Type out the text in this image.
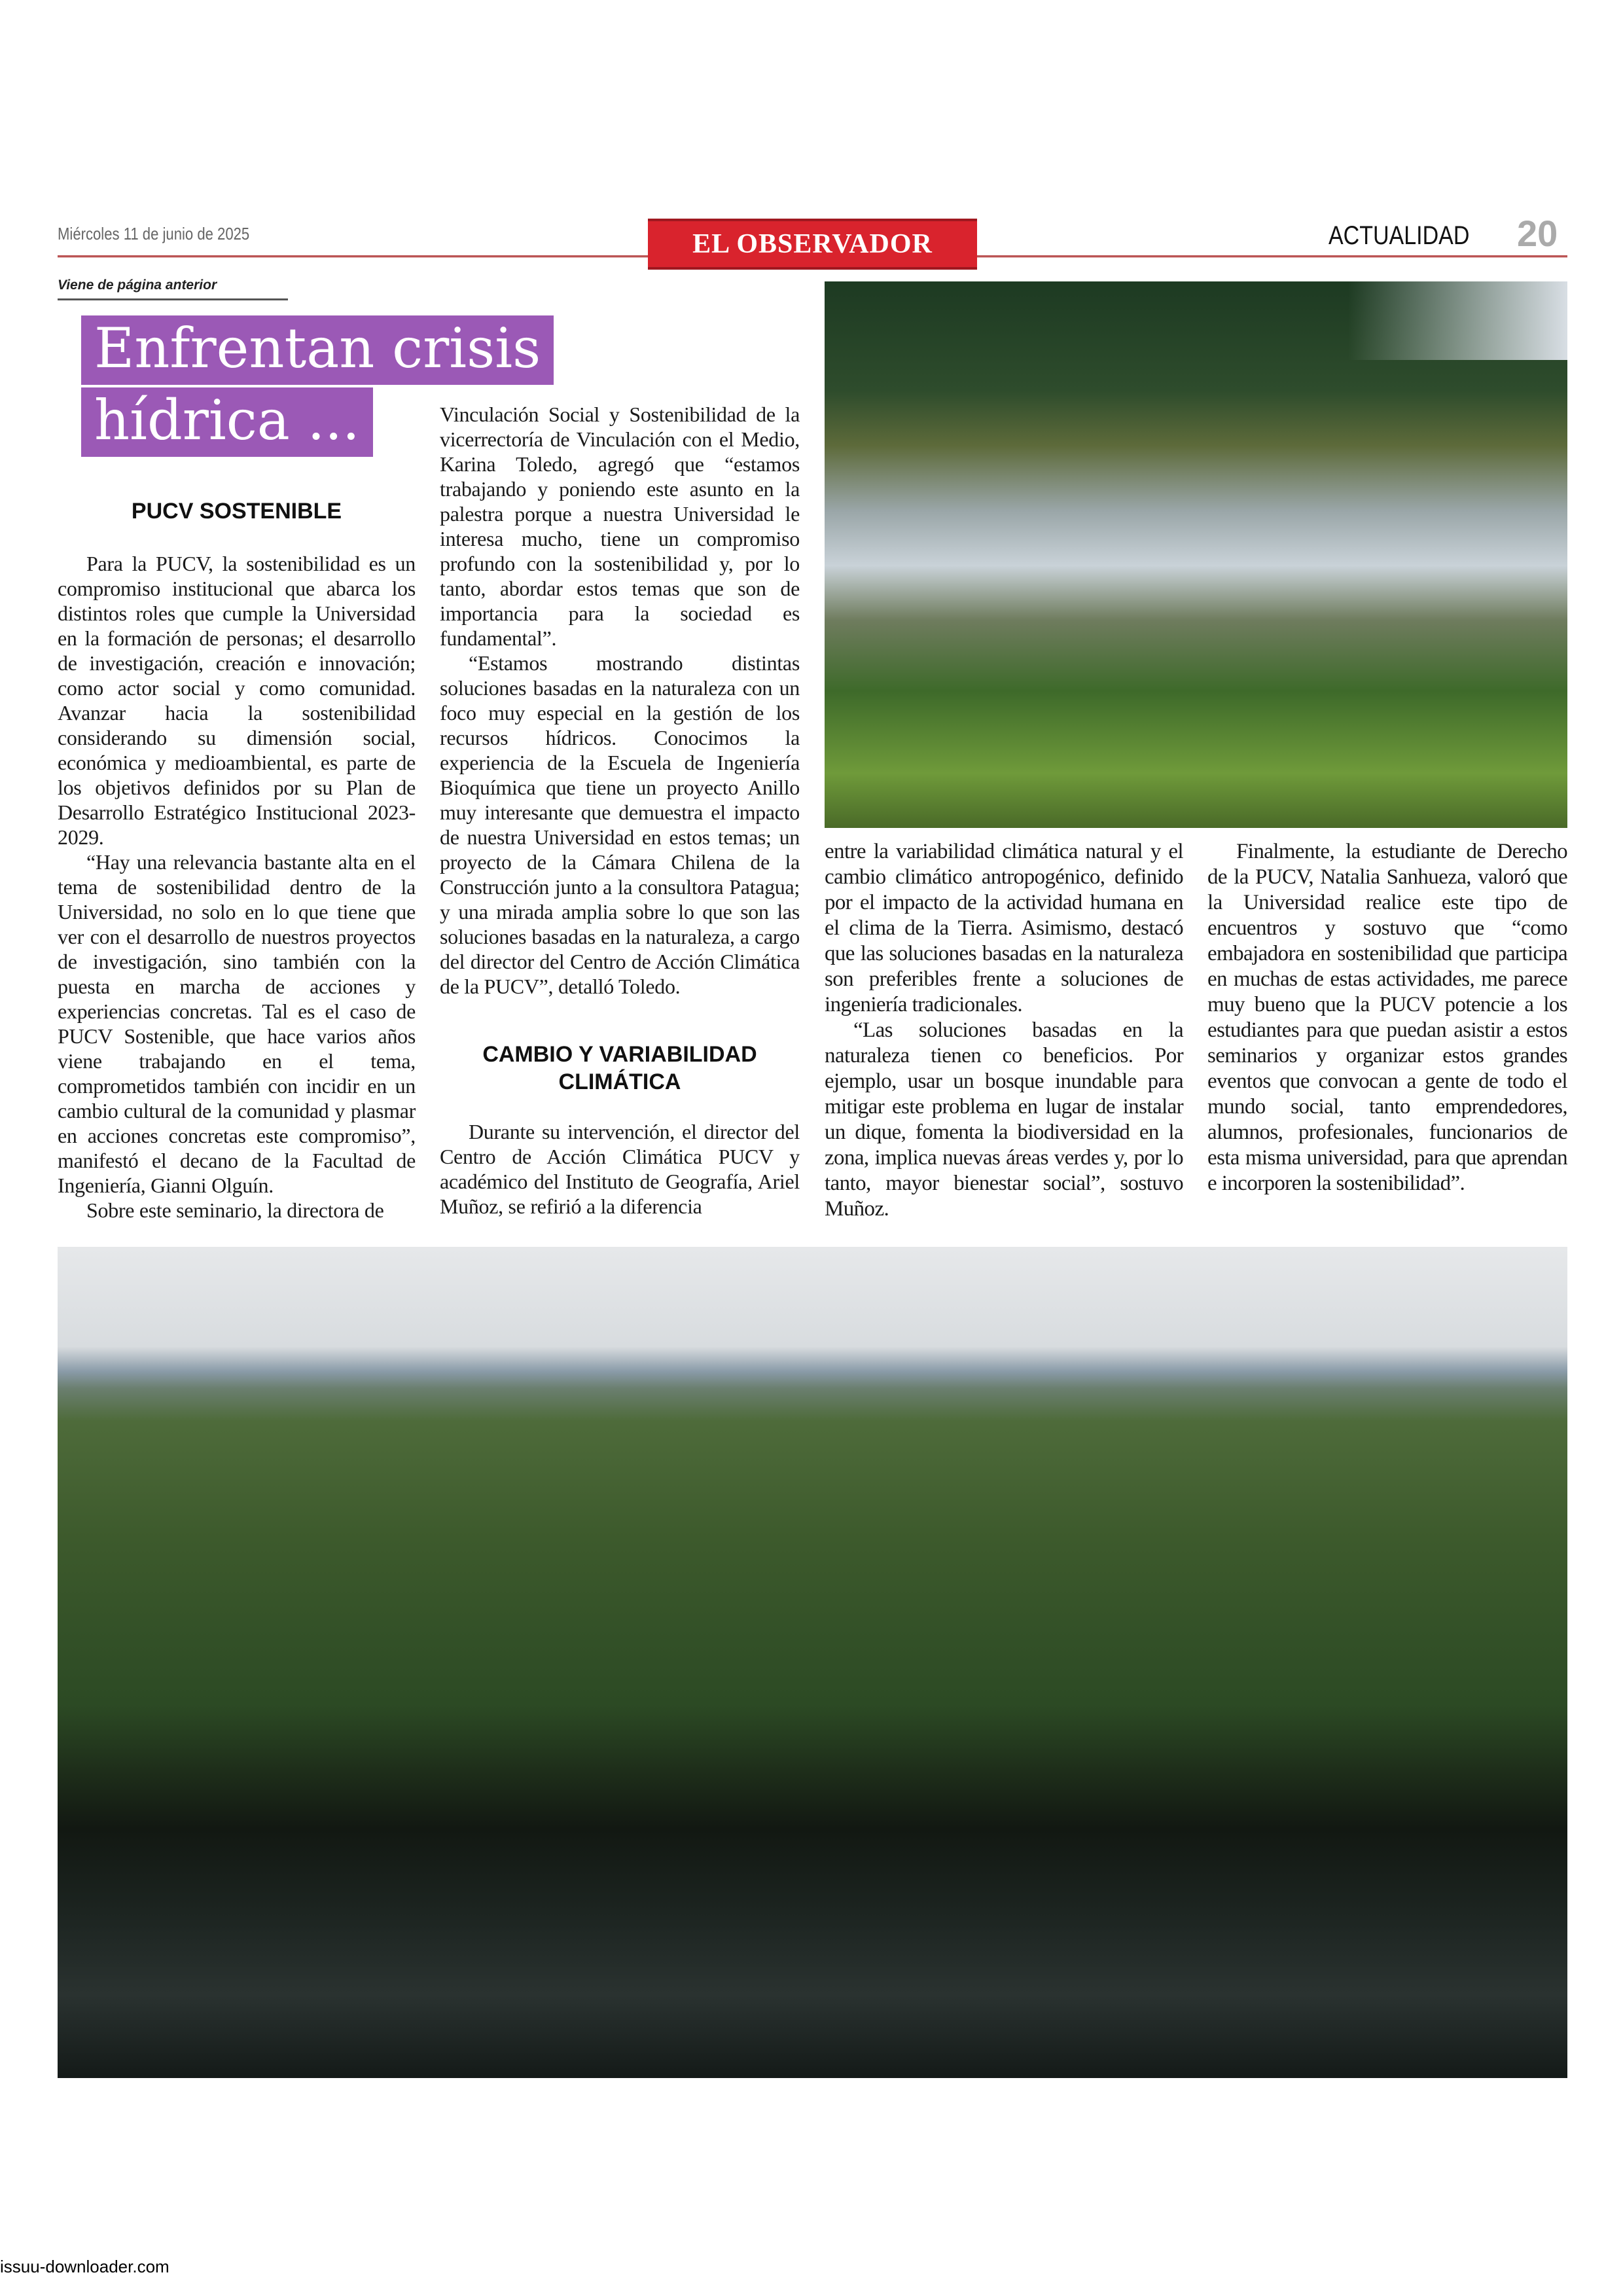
Miércoles 11 de junio de 2025	EL OBSERVADOR	ACTUALIDAD 20
Viene de página anterior
Enfrentan crisis
hídrica ...
PUCV SOSTENIBLE

Para la PUCV, la sostenibilidad es un compromiso institucional que abarca los distintos roles que cumple la Universidad en la formación de personas; el desarrollo de investigación, creación e innovación; como actor social y como comunidad. Avanzar hacia la sostenibilidad considerando su dimensión social, económica y medioambiental, es parte de los objetivos definidos por su Plan de Desarrollo Estratégico Institucional 2023-2029.

“Hay una relevancia bastante alta en el tema de sostenibilidad dentro de la Universidad, no solo en lo que tiene que ver con el desarrollo de nuestros proyectos de investigación, sino también con la puesta en marcha de acciones y experiencias concretas. Tal es el caso de PUCV Sostenible, que hace varios años viene trabajando en el tema, comprometidos también con incidir en un cambio cultural de la comunidad y plasmar en acciones concretas este compromiso”, manifestó el decano de la Facultad de Ingeniería, Gianni Olguín.

Sobre este seminario, la directora de

Vinculación Social y Sostenibilidad de la vicerrectoría de Vinculación con el Medio, Karina Toledo, agregó que “estamos trabajando y poniendo este asunto en la palestra porque a nuestra Universidad le interesa mucho, tiene un compromiso profundo con la sostenibilidad y, por lo tanto, abordar estos temas que son de importancia para la sociedad es fundamental”.

“Estamos mostrando distintas soluciones basadas en la naturaleza con un foco muy especial en la gestión de los recursos hídricos. Conocimos la experiencia de la Escuela de Ingeniería Bioquímica que tiene un proyecto Anillo muy interesante que demuestra el impacto de nuestra Universidad en estos temas; un proyecto de la Cámara Chilena de la Construcción junto a la consultora Patagua; y una mirada amplia sobre lo que son las soluciones basadas en la naturaleza, a cargo del director del Centro de Acción Climática de la PUCV”, detalló Toledo.

CAMBIO Y VARIABILIDAD CLIMÁTICA

Durante su intervención, el director del Centro de Acción Climática PUCV y académico del Instituto de Geografía, Ariel Muñoz, se refirió a la diferencia

entre la variabilidad climática natural y el cambio climático antropogénico, definido por el impacto de la actividad humana en el clima de la Tierra. Asimismo, destacó que las soluciones basadas en la naturaleza son preferibles frente a soluciones de ingeniería tradicionales.

“Las soluciones basadas en la naturaleza tienen co beneficios. Por ejemplo, usar un bosque inundable para mitigar este problema en lugar de instalar un dique, fomenta la biodiversidad en la zona, implica nuevas áreas verdes y, por lo tanto, mayor bienestar social”, sostuvo Muñoz.

Finalmente, la estudiante de Derecho de la PUCV, Natalia Sanhueza, valoró que la Universidad realice este tipo de encuentros y sostuvo que “como embajadora en sostenibilidad que participa en muchas de estas actividades, me parece muy bueno que la PUCV potencie a los estudiantes para que puedan asistir a estos seminarios y organizar estos grandes eventos que convocan a gente de todo el mundo social, tanto emprendedores, alumnos, profesionales, funcionarios de esta misma universidad, para que aprendan e incorporen la sostenibilidad”.

issuu-downloader.com
